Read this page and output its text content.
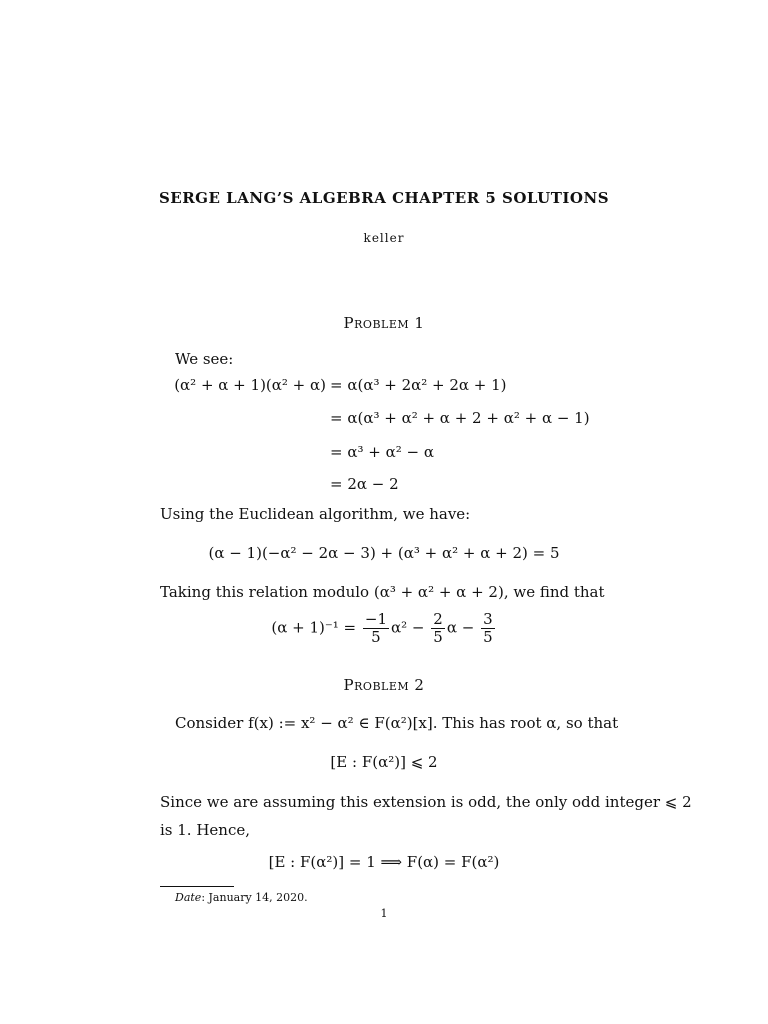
SERGE LANG’S ALGEBRA CHAPTER 5 SOLUTIONS
keller
Problem 1
We see:
(α² + α + 1)(α² + α) = α(α³ + 2α² + 2α + 1)
= α(α³ + α² + α + 2 + α² + α − 1)
= α³ + α² − α
= 2α − 2
Using the Euclidean algorithm, we have:
(α − 1)(−α² − 2α − 3) + (α³ + α² + α + 2) = 5
Taking this relation modulo (α³ + α² + α + 2), we find that
$(\alpha + 1)^{-1} = \frac{-1}{5} \alpha^2 - \frac{2}{5}$ $\alpha - \frac{3}{5}$
Problem 2
Consider f(x) := x² − α² ∈ F(α²)[x]. This has root α, so that
[E : F(α²)] ⩽ 2
Since we are assuming this extension is odd, the only odd integer ⩽ 2
is 1. Hence,
[E : F(α²)] = 1 ⟹ F(α) = F(α²)
Date: January 14, 2020.
1
